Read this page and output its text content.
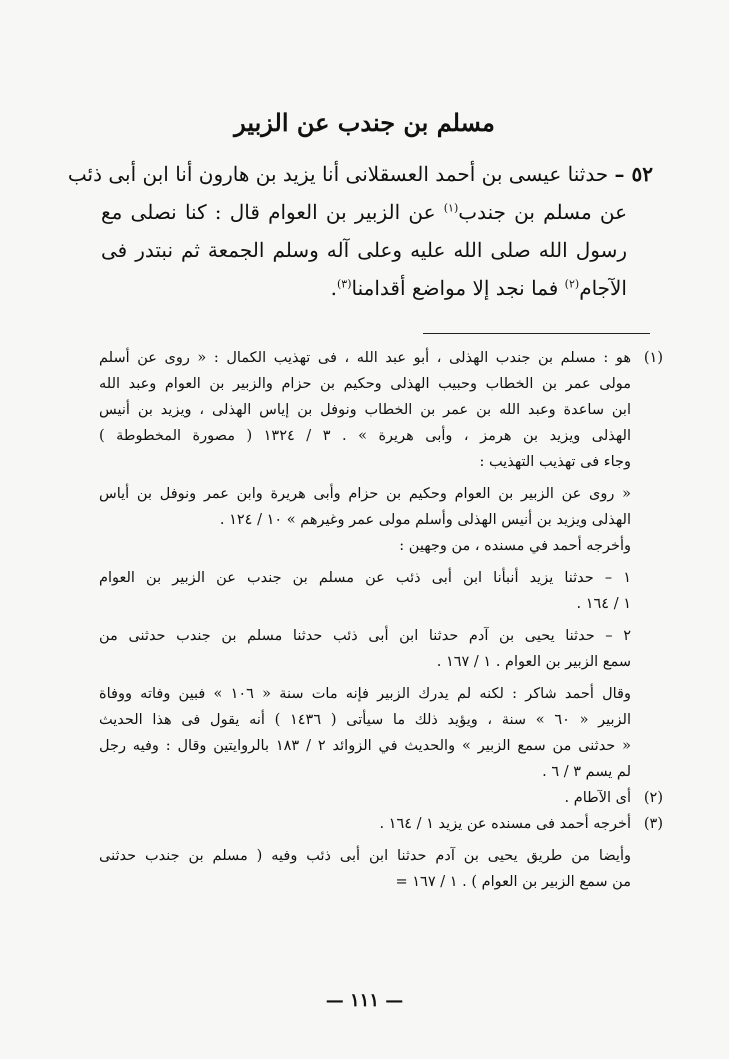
مسلم بن جندب عن الزبير
٥٢ – حدثنا عيسى بن أحمد العسقلانى أنا يزيد بن هارون أنا ابن أبى ذئب
عن مسلم بن جندب$^{(١)}$ عن الزبير بن العوام قال : كنا نصلى مع
رسول الله صلى الله عليه وعلى آله وسلم الجمعة ثم نبتدر فى
الآجام$^{(٢)}$ فما نجد إلا مواضع أقدامنا$^{(٣)}$.
(١)
هو : مسلم بن جندب الهذلى ، أبو عبد الله ، فى تهذيب الكمال : « روى عن أسلم
مولى عمر بن الخطاب وحبيب الهذلى وحكيم بن حزام والزبير بن العوام وعبد الله
ابن ساعدة وعبد الله بن عمر بن الخطاب ونوفل بن إياس الهذلى ، ويزيد بن أنيس
الهذلى ويزيد بن هرمز ، وأبى هريرة » . ٣ / ١٣٢٤ ( مصورة المخطوطة )
وجاء فى تهذيب التهذيب :
« روى عن الزبير بن العوام وحكيم بن حزام وأبى هريرة وابن عمر ونوفل بن أياس
الهذلى ويزيد بن أنيس الهذلى وأسلم مولى عمر وغيرهم » ١٠ / ١٢٤ .
وأخرجه أحمد في مسنده ، من وجهين :
١ – حدثنا يزيد أنبأنا ابن أبى ذئب عن مسلم بن جندب عن الزبير بن العوام
١ / ١٦٤ .
٢ – حدثنا يحيى بن آدم حدثنا ابن أبى ذئب حدثنا مسلم بن جندب حدثنى من
سمع الزبير بن العوام . ١ / ١٦٧ .
وقال أحمد شاكر : لكنه لم يدرك الزبير فإنه مات سنة « ١٠٦ » فبين وفاته ووفاة
الزبير « ٦٠ » سنة ، ويؤيد ذلك ما سيأتى ( ١٤٣٦ ) أنه يقول فى هذا الحديث
« حدثنى من سمع الزبير » والحديث في الزوائد ٢ / ١٨٣ بالروايتين وقال : وفيه رجل
لم يسم ٣ / ٦ .
(٢)
أى الآطام .
(٣)
أخرجه أحمد فى مسنده عن يزيد ١ / ١٦٤ .
وأيضا من طريق يحيى بن آدم حدثنا ابن أبى ذئب وفيه ( مسلم بن جندب حدثنى
من سمع الزبير بن العوام ) . ١ / ١٦٧ =
— ١١١ —
